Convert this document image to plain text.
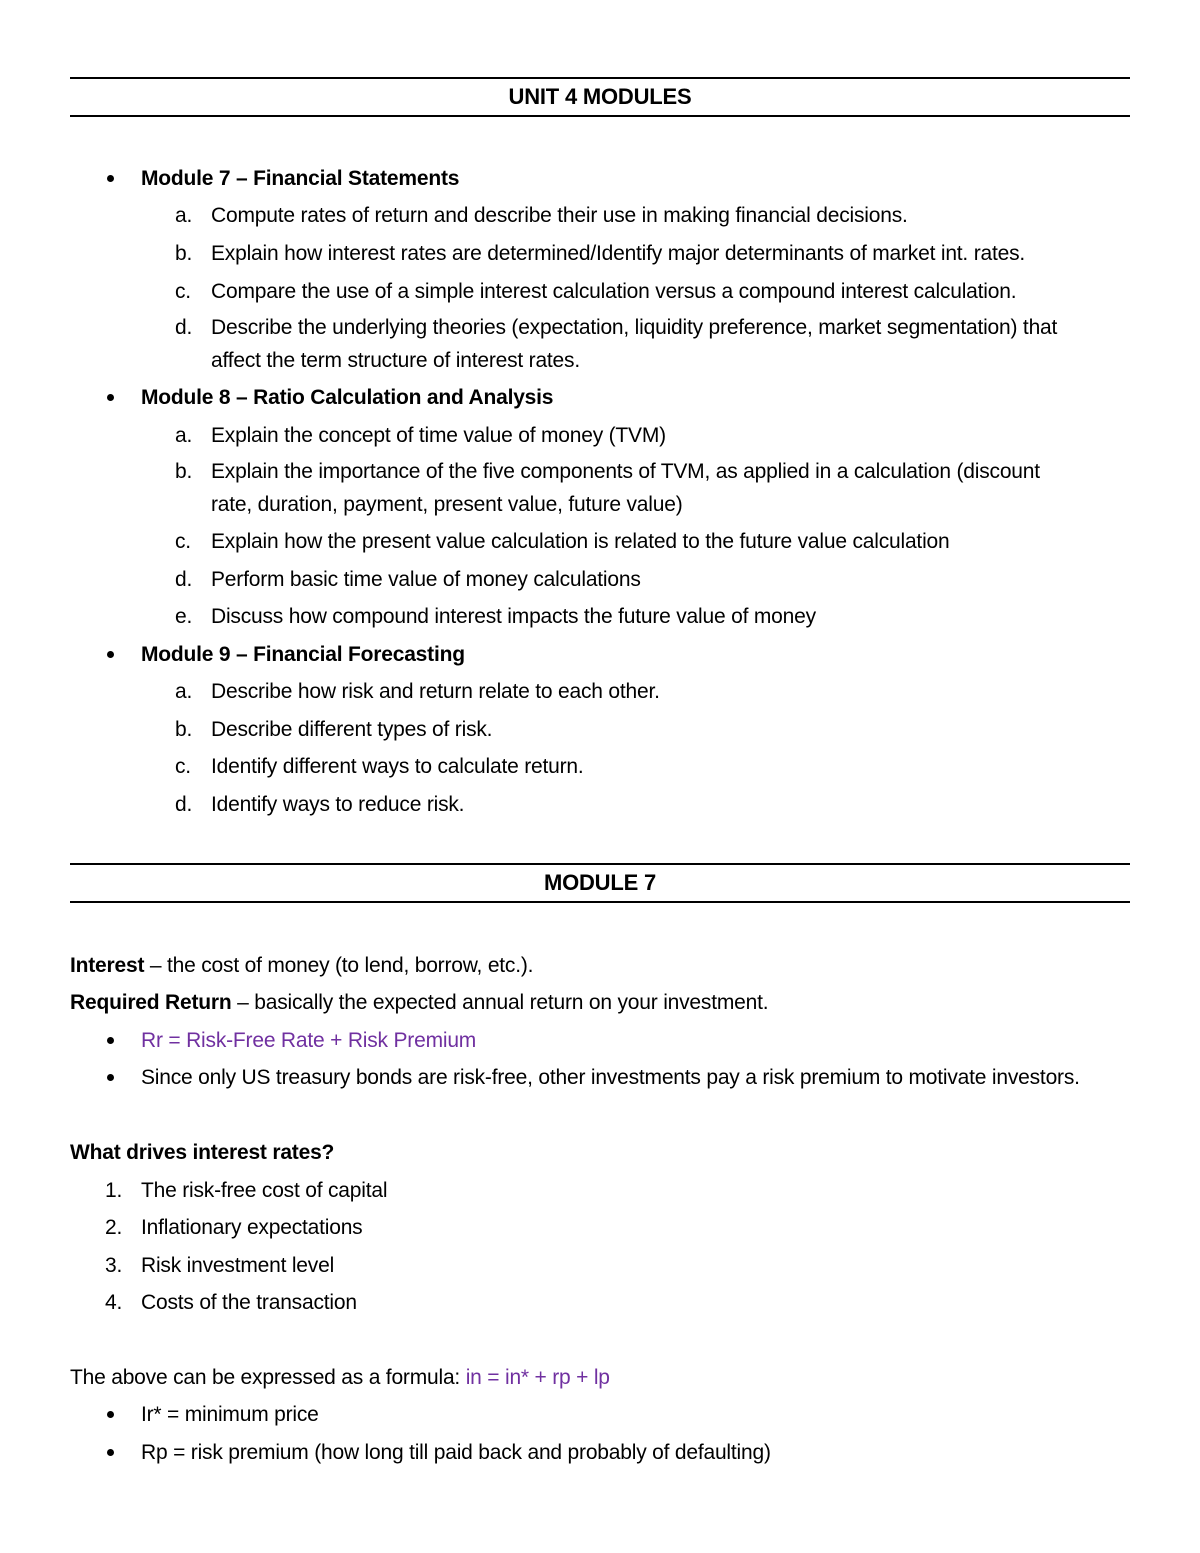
UNIT 4 MODULES
Module 7 – Financial Statements
a. Compute rates of return and describe their use in making financial decisions.
b. Explain how interest rates are determined/Identify major determinants of market int. rates.
c. Compare the use of a simple interest calculation versus a compound interest calculation.
d. Describe the underlying theories (expectation, liquidity preference, market segmentation) that
affect the term structure of interest rates.
Module 8 – Ratio Calculation and Analysis
a. Explain the concept of time value of money (TVM)
b. Explain the importance of the five components of TVM, as applied in a calculation (discount
rate, duration, payment, present value, future value)
c. Explain how the present value calculation is related to the future value calculation
d. Perform basic time value of money calculations
e. Discuss how compound interest impacts the future value of money
Module 9 – Financial Forecasting
a. Describe how risk and return relate to each other.
b. Describe different types of risk.
c. Identify different ways to calculate return.
d. Identify ways to reduce risk.
MODULE 7
Interest – the cost of money (to lend, borrow, etc.).
Required Return – basically the expected annual return on your investment.
Rr = Risk-Free Rate + Risk Premium
Since only US treasury bonds are risk-free, other investments pay a risk premium to motivate investors.
What drives interest rates?
1. The risk-free cost of capital
2. Inflationary expectations
3. Risk investment level
4. Costs of the transaction
The above can be expressed as a formula: in = in* + rp + lp
Ir* = minimum price
Rp = risk premium (how long till paid back and probably of defaulting)
